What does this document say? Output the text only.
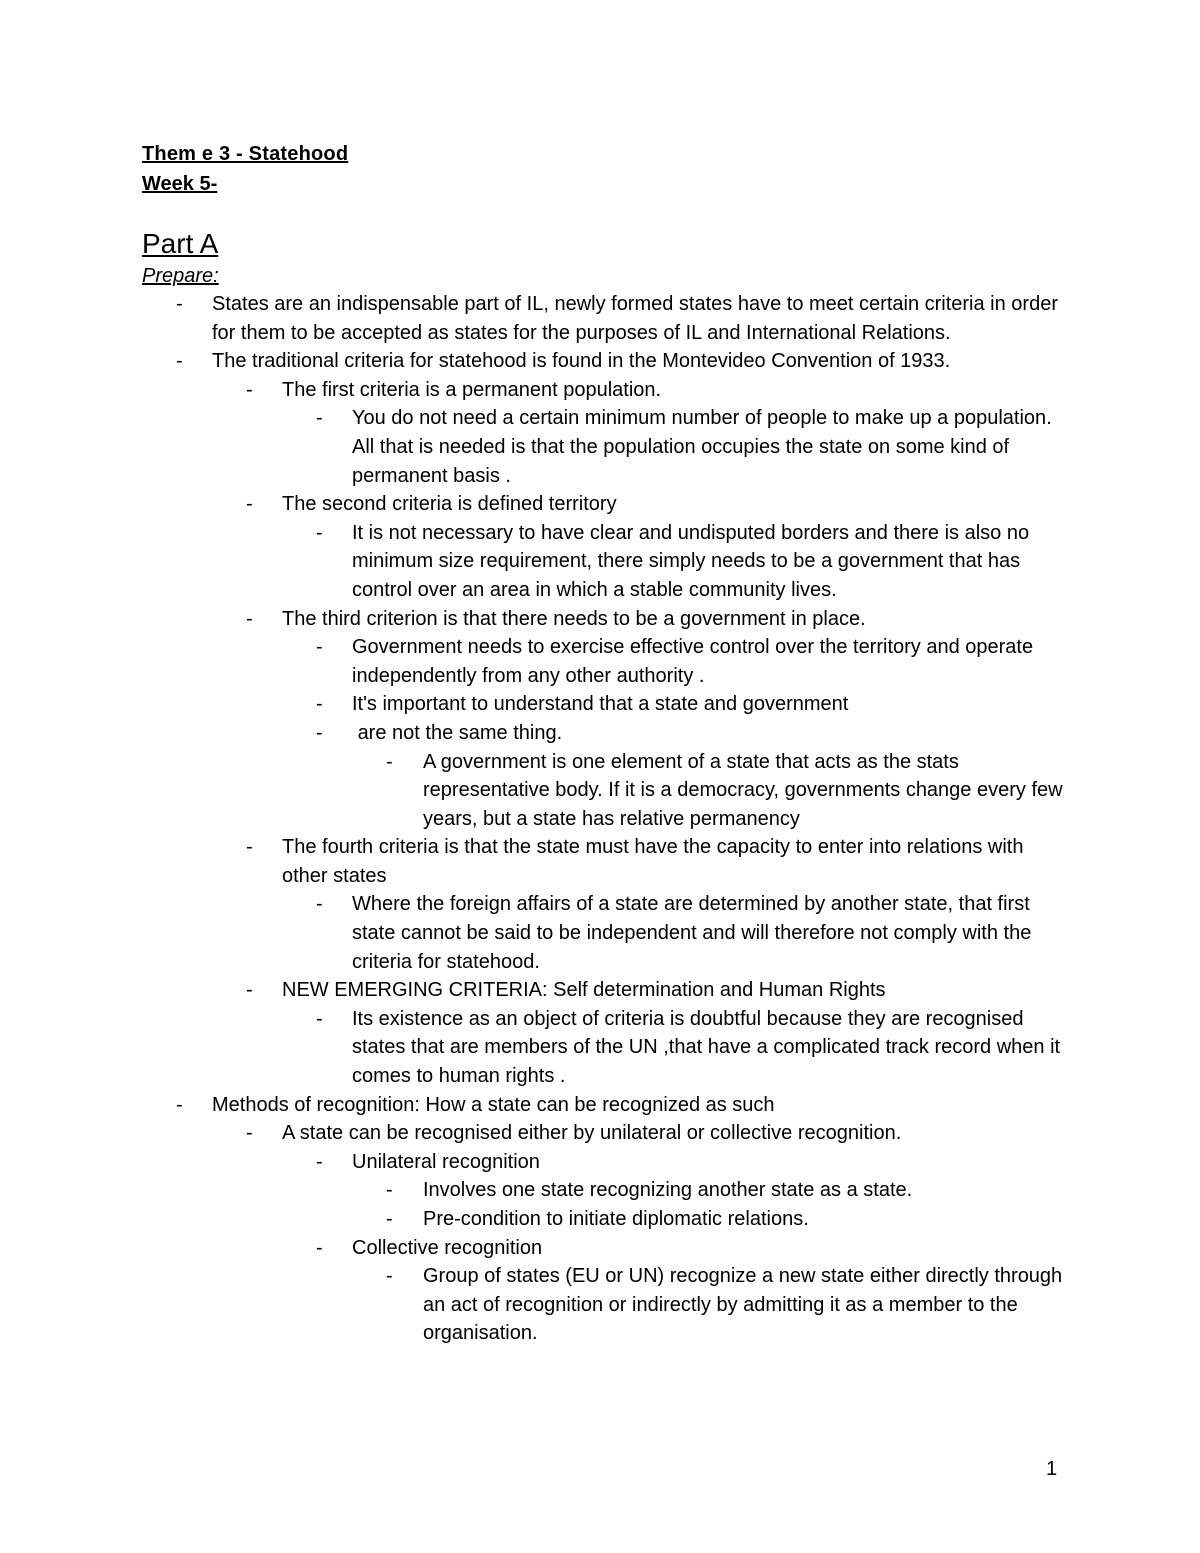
Them e 3 - Statehood
Week 5-
Part A
Prepare:
- States are an indispensable part of IL, newly formed states have to meet certain criteria in order for them to be accepted as states for the purposes of IL and International Relations.
- The traditional criteria for statehood is found in the Montevideo Convention of 1933.
- The first criteria is a permanent population.
- You do not need a certain minimum number of people to make up a population. All that is needed is that the population occupies the state on some kind of permanent basis .
- The second criteria is defined territory
- It is not necessary to have clear and undisputed borders and there is also no minimum size requirement, there simply needs to be a government that has control over an area in which a stable community lives.
- The third criterion is that there needs to be a government in place.
- Government needs to exercise effective control over the territory and operate independently from any other authority .
- It's important to understand that a state and government
- are not the same thing.
- A government is one element of a state that acts as the stats representative body. If it is a democracy, governments change every few years, but a state has relative permanency
- The fourth criteria is that the state must have the capacity to enter into relations with other states
- Where the foreign affairs of a state are determined by another state, that first state cannot be said to be independent and will therefore not comply with the criteria for statehood.
- NEW EMERGING CRITERIA: Self determination and Human Rights
- Its existence as an object of criteria is doubtful because they are recognised states that are members of the UN ,that have a complicated track record when it comes to human rights .
- Methods of recognition: How a state can be recognized as such
- A state can be recognised either by unilateral or collective recognition.
- Unilateral recognition
- Involves one state recognizing another state as a state.
- Pre-condition to initiate diplomatic relations.
- Collective recognition
- Group of states (EU or UN) recognize a new state either directly through an act of recognition or indirectly by admitting it as a member to the organisation.
1
